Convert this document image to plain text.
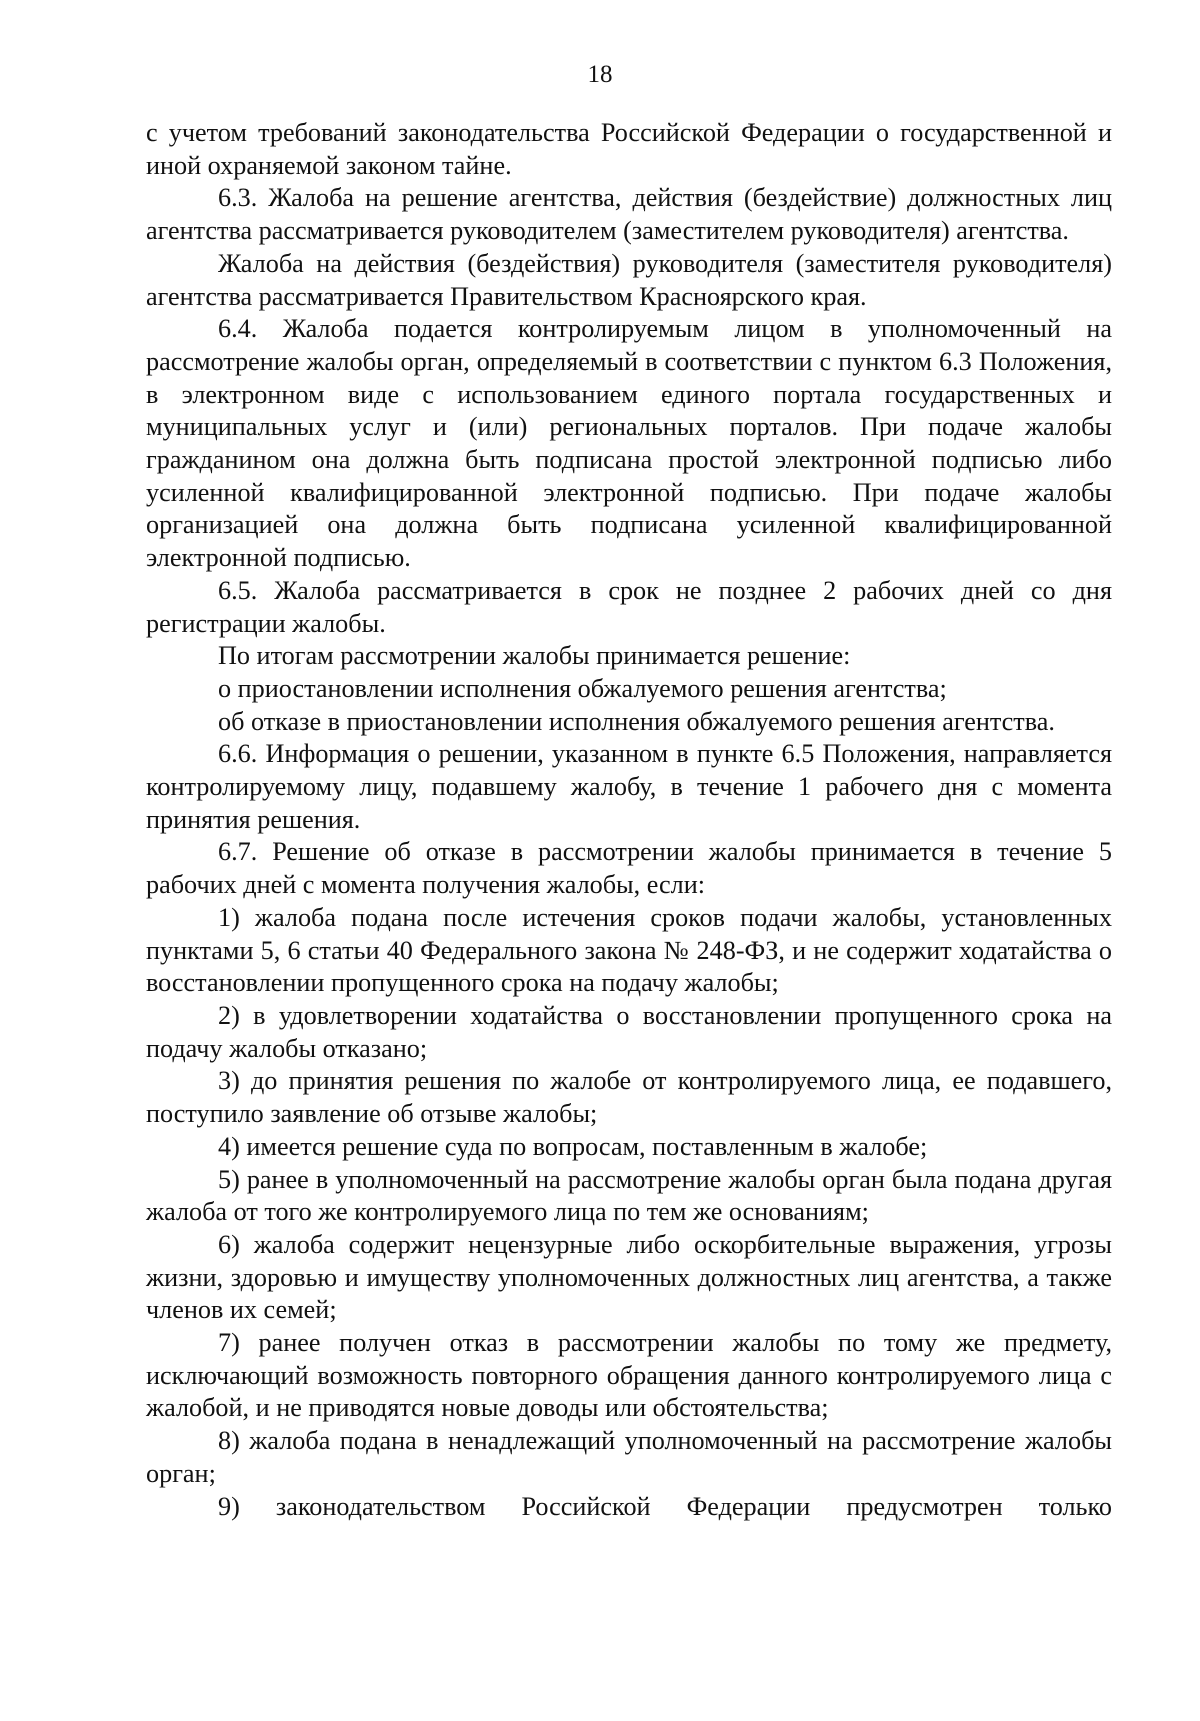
18

с учетом требований законодательства Российской Федерации о государственной и иной охраняемой законом тайне.

6.3. Жалоба на решение агентства, действия (бездействие) должностных лиц агентства рассматривается руководителем (заместителем руководителя) агентства.

Жалоба на действия (бездействия) руководителя (заместителя руководителя) агентства рассматривается Правительством Красноярского края.

6.4. Жалоба подается контролируемым лицом в уполномоченный на рассмотрение жалобы орган, определяемый в соответствии с пунктом 6.3 Положения, в электронном виде с использованием единого портала государственных и муниципальных услуг и (или) региональных порталов. При подаче жалобы гражданином она должна быть подписана простой электронной подписью либо усиленной квалифицированной электронной подписью. При подаче жалобы организацией она должна быть подписана усиленной квалифицированной электронной подписью.

6.5. Жалоба рассматривается в срок не позднее 2 рабочих дней со дня регистрации жалобы.

По итогам рассмотрении жалобы принимается решение:

о приостановлении исполнения обжалуемого решения агентства;

об отказе в приостановлении исполнения обжалуемого решения агентства.

6.6. Информация о решении, указанном в пункте 6.5 Положения, направляется контролируемому лицу, подавшему жалобу, в течение 1 рабочего дня с момента принятия решения.

6.7. Решение об отказе в рассмотрении жалобы принимается в течение 5 рабочих дней с момента получения жалобы, если:

1) жалоба подана после истечения сроков подачи жалобы, установленных пунктами 5, 6 статьи 40 Федерального закона № 248-ФЗ, и не содержит ходатайства о восстановлении пропущенного срока на подачу жалобы;

2) в удовлетворении ходатайства о восстановлении пропущенного срока на подачу жалобы отказано;

3) до принятия решения по жалобе от контролируемого лица, ее подавшего, поступило заявление об отзыве жалобы;

4) имеется решение суда по вопросам, поставленным в жалобе;

5) ранее в уполномоченный на рассмотрение жалобы орган была подана другая жалоба от того же контролируемого лица по тем же основаниям;

6) жалоба содержит нецензурные либо оскорбительные выражения, угрозы жизни, здоровью и имуществу уполномоченных должностных лиц агентства, а также членов их семей;

7) ранее получен отказ в рассмотрении жалобы по тому же предмету, исключающий возможность повторного обращения данного контролируемого лица с жалобой, и не приводятся новые доводы или обстоятельства;

8) жалоба подана в ненадлежащий уполномоченный на рассмотрение жалобы орган;

9) законодательством Российской Федерации предусмотрен только
